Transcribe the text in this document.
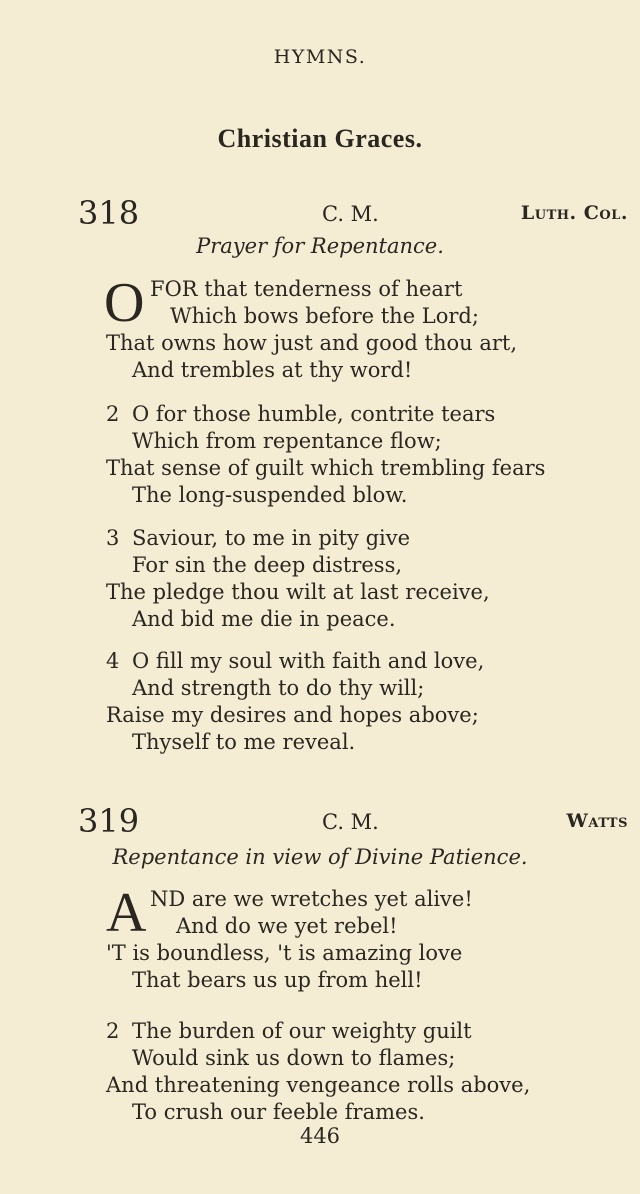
HYMNS.
Christian Graces.
318	C. M.	Luth. Col.
Prayer for Repentance.
O FOR that tenderness of heart
Which bows before the Lord;
That owns how just and good thou art,
And trembles at thy word!
2 O for those humble, contrite tears
Which from repentance flow;
That sense of guilt which trembling fears
The long-suspended blow.
3 Saviour, to me in pity give
For sin the deep distress,
The pledge thou wilt at last receive,
And bid me die in peace.
4 O fill my soul with faith and love,
And strength to do thy will;
Raise my desires and hopes above;
Thyself to me reveal.
319	C. M.	Watts
Repentance in view of Divine Patience.
A ND are we wretches yet alive!
And do we yet rebel!
'T is boundless, 't is amazing love
That bears us up from hell!
2 The burden of our weighty guilt
Would sink us down to flames;
And threatening vengeance rolls above,
To crush our feeble frames.
446
